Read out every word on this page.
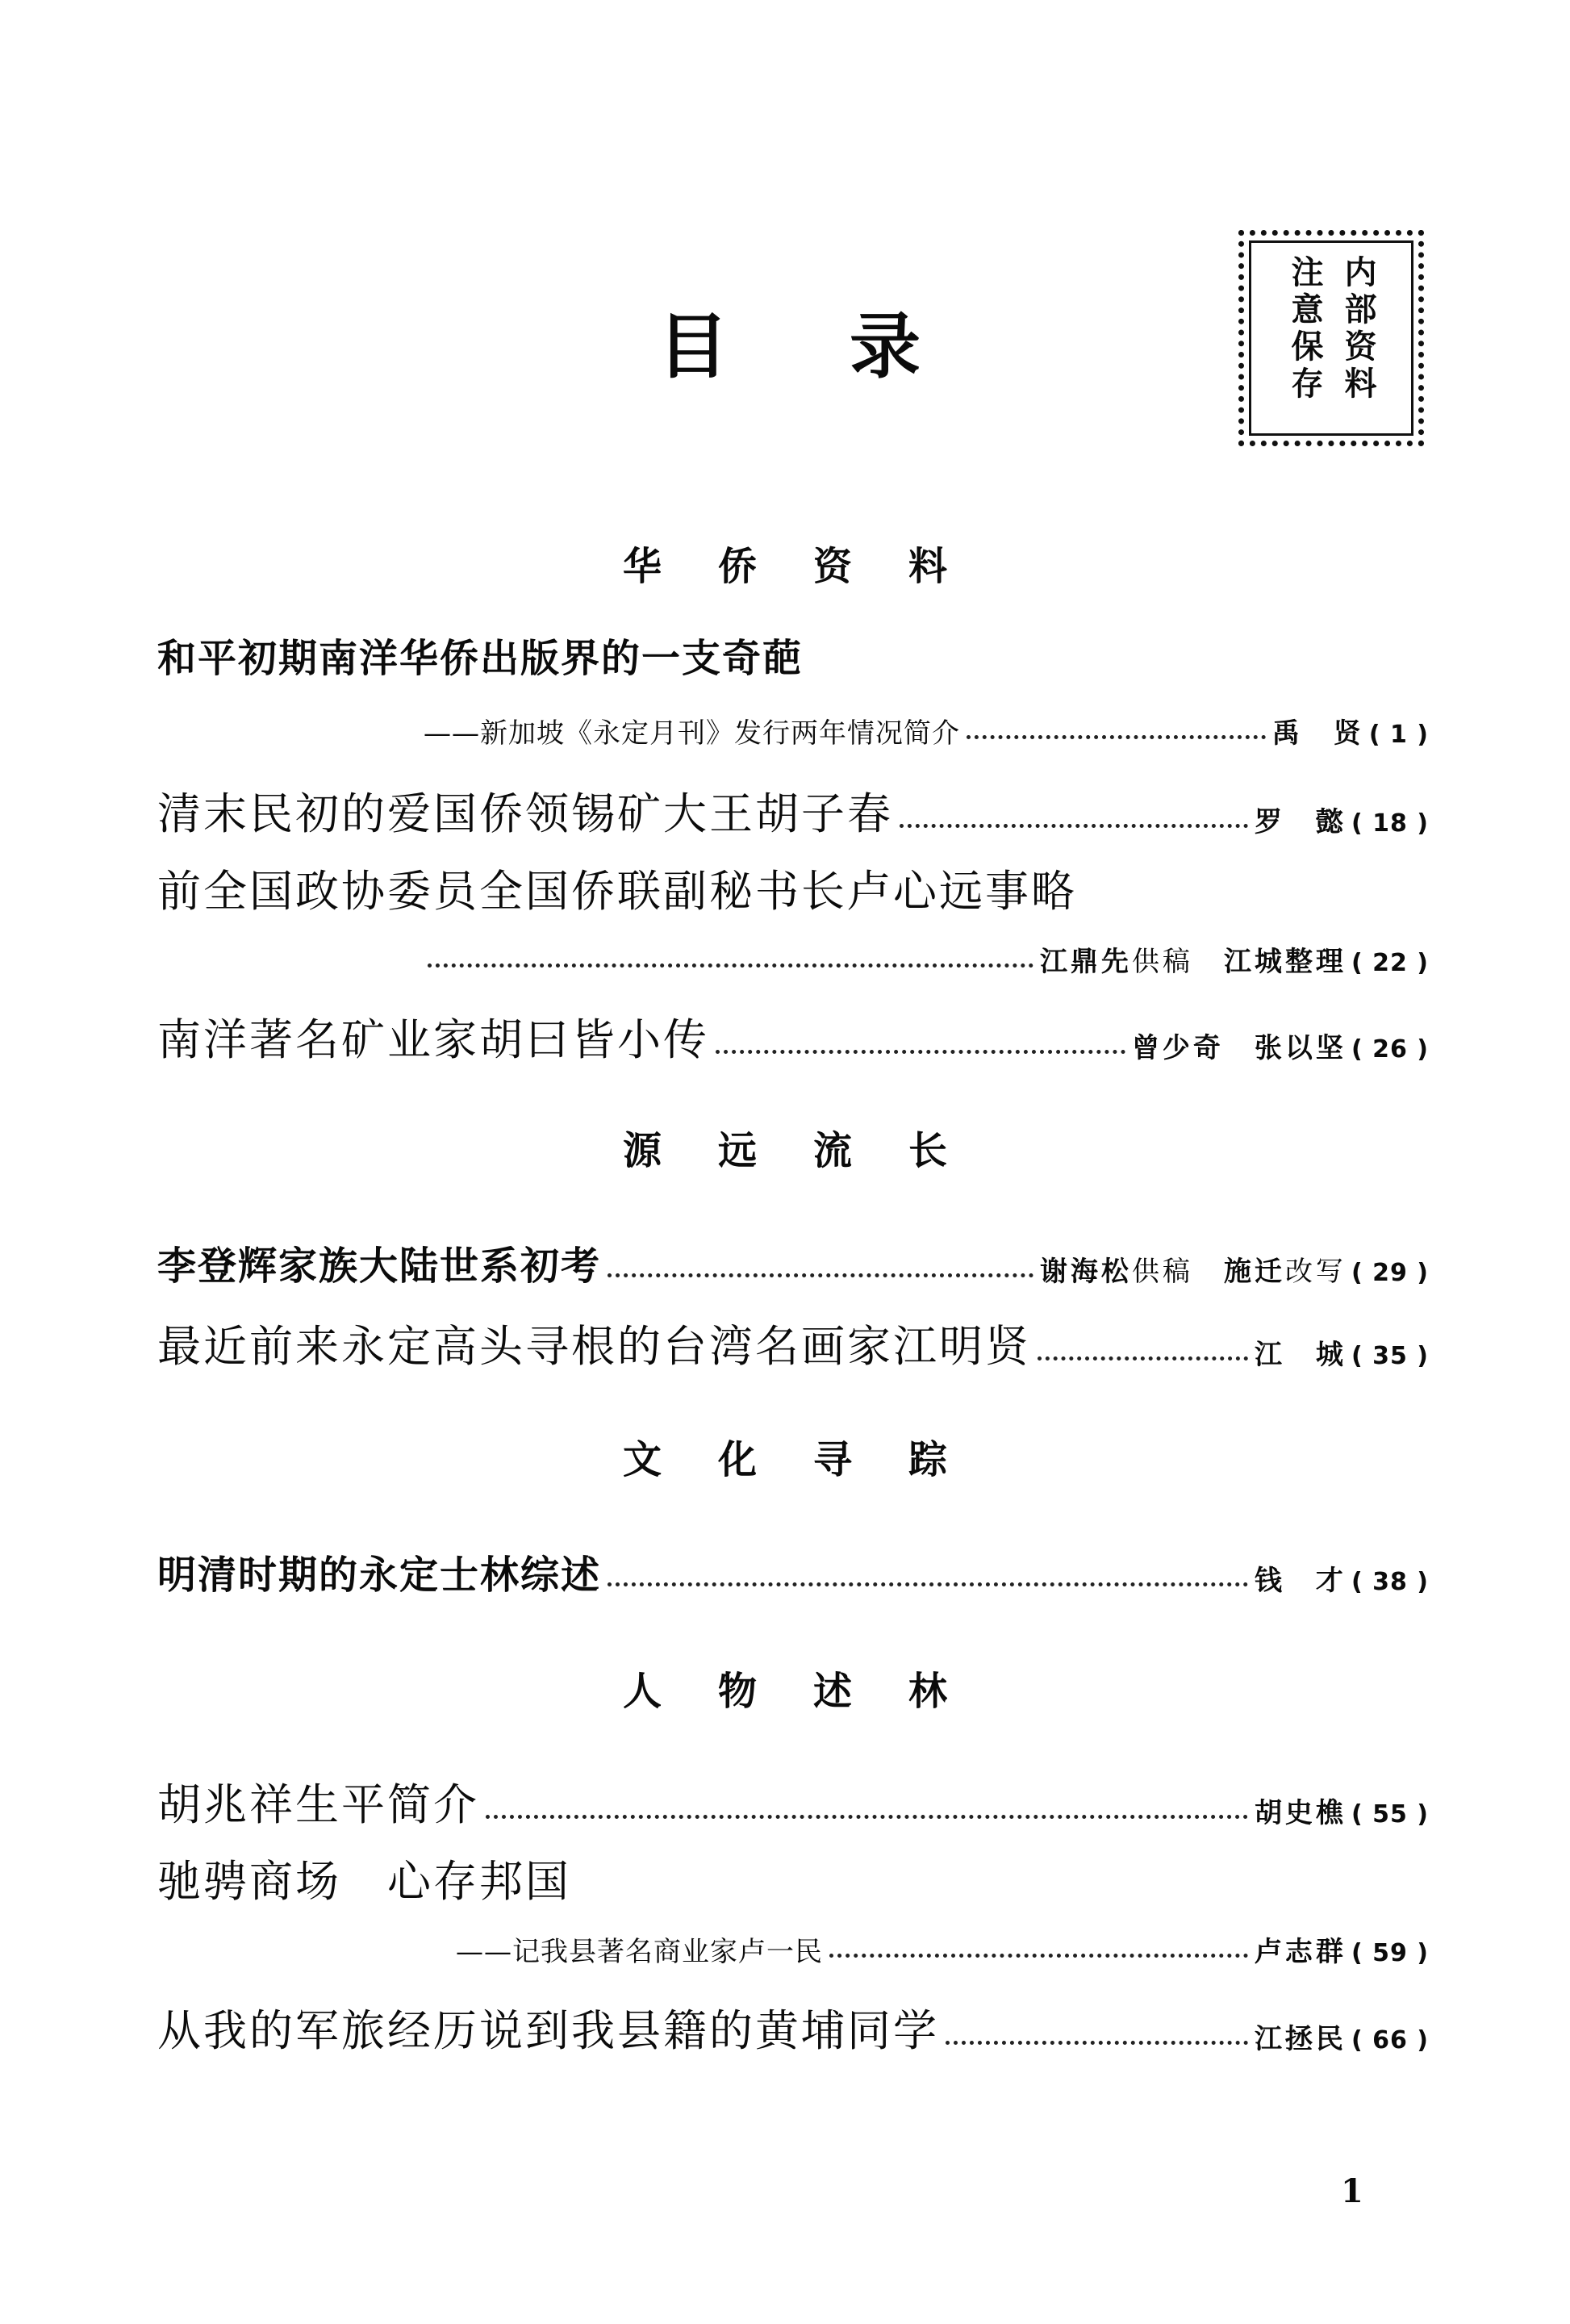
目录	内部资料
注意保存
华侨资料
和平初期南洋华侨出版界的一支奇葩
——新加坡《永定月刊》发行两年情况简介	禹　贤 ( 1 )
清末民初的爱国侨领锡矿大王胡子春	罗　懿 ( 18 )
前全国政协委员全国侨联副秘书长卢心远事略
江鼎先供稿　 江城整理 ( 22 )
南洋著名矿业家胡曰皆小传	曾少奇　张以坚 ( 26 )
源远流长
李登辉家族大陆世系初考	谢海松供稿　 施迁改写 ( 29 )
最近前来永定高头寻根的台湾名画家江明贤	江　城 ( 35 )
文化寻踪
明清时期的永定士林综述	钱　才 ( 38 )
人物述林
胡兆祥生平简介	胡史樵 ( 55 )
驰骋商场　心存邦国
——记我县著名商业家卢一民	卢志群 ( 59 )
从我的军旅经历说到我县籍的黄埔同学	江拯民 ( 66 )
1
